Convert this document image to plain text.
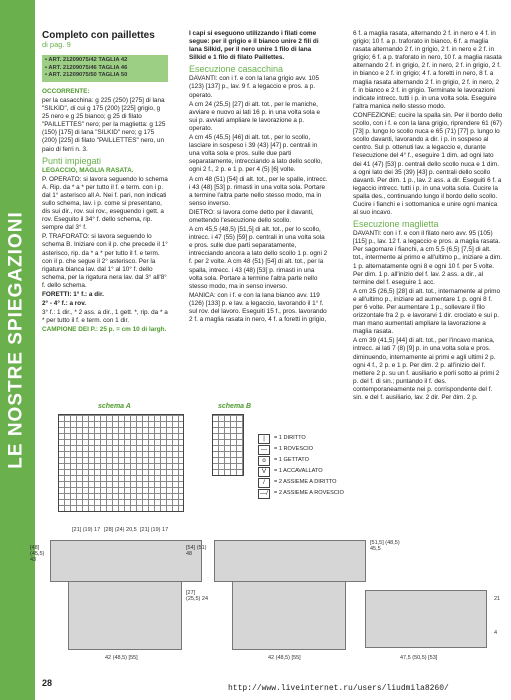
LE NOSTRE SPIEGAZIONI
Completo con paillettes
di pag. 9
• ART. 21209075/42 TAGLIA 42
• ART. 21209075/46 TAGLIA 46
• ART. 21209075/50 TAGLIA 50

OCCORRENTE:

per la casacchina: g 225 (250) [275] di lana "SILKID", di cui g 175 (200) [225] grigio, g 25 nero e g 25 bianco; g 25 di filato "PAILLETTES" nero; per la maglietta: g 125 (150) [175] di lana "SILKID" nero; g 175 (200) [225] di filato "PAILLETTES" nero, un paio di ferri n. 3.

Punti impiegati

LEGACCIO, MAGLIA RASATA.

P. OPERATO: si lavora seguendo lo schema A. Rip. da * a * per tutto il f. e term. con i p. dal 1° asterisco all A. Nei f. pari, non indicati sullo schema, lav. i p. come si presentano, dis sui dir., rov. sui rov., eseguendo i gett. a rov. Eseguito il 34° f. dello schema, rip. sempre dal 3° f.

P. TRAFORATO: si lavora seguendo lo schema B. Iniziare con il p. che precede il 1° asterisco, rip. da * a * per tutto il f. e term. con il p. che segue il 2° asterisco. Per la rigatura bianca lav. dal 1° al 10° f. dello schema, per la rigatura nera lav. dal 3° all'8° f. dello schema.

FORETTI: 1° f.: a dir.

2° - 4° f.: a rov.

3° f.: 1 dir., * 2 ass. a dir., 1 gett. *, rip. da * a * per tutto il f. e term. con 1 dir.

CAMPIONE DEI P.: 25 p. = cm 10 di largh.

I capi si eseguono utilizzando i filati come segue: per il grigio e il bianco unire 2 fili di lana Silkid, per il nero unire 1 filo di lana Silkid e 1 filo di filato Paillettes.

Esecuzione casacchina

DAVANTI: con i f. e con la lana grigio avv. 105 (123) [137] p., lav. 9 f. a legaccio e pros. a p. operato.

A cm 24 (25,5) [27] di alt. tot., per le maniche, avviare e nuovo ai lati 16 p. in una volta sola e sui p. avviati ampliare le lavorazione a p. operato.

A cm 45 (45,5) [46] di alt. tot., per lo scollo, lasciare in sospeso i 39 (43) [47] p. centrali in una volta sola e pros. sulle due parti separatamente, intrecciando a lato dello scollo, ogni 2 f., 2 p. e 1 p. per 4 (5) [6] volte.

A cm 48 (51) [54] di alt. tot., per le spalle, intrecc. i 43 (48) [53] p. rimasti in una volta sola. Portare a termine l'altra parte nello stesso modo, ma in senso inverso.

DIETRO: si lavora come detto per il davanti, omettendo l'esecuzione dello scollo.

A cm 45,5 (48,5) [51,5] di alt. tot., per lo scollo, intrecc. i 47 (55) [59] p. centrali in una volta sola e pros. sulle due parti separatamente, intrecciando ancora a lato dello scollo 1 p. ogni 2 f. per 2 volte. A cm 48 (51) [54] di alt. tot., per la spalla, intrecc. i 43 (48) [53] p. rimasti in una volta sola. Portare a termine l'altra parte nello stesso modo, ma in senso inverso.

MANICA: con i f. e con la lana bianco avv. 119 (126) [133] p. e lav. a legaccio, lavorando il 1° f. sul rov. del lavoro. Eseguiti 15 f., pros. lavorando 2 f. a maglia rasata in nero, 4 f. a foretti in grigio,

6 f. a maglia rasata, alternando 2 f. in nero e 4 f. in grigio; 10 f. a p. traforato in bianco, 6 f. a maglia rasata alternando 2 f. in grigio, 2 f. in nero e 2 f. in grigio; 6 f. a p. traforato in nero, 10 f. a maglia rasata alternando 2 f. in grigio, 2 f. in nero, 2 f. in grigio, 2 f. in bianco e 2 f. in grigio; 4 f. a foretti in nero, 8 f. a maglia rasata alternando 2 f. in grigio, 2 f. in nero, 2 f. in bianco e 2 f. in grigio. Terminate le lavorazioni indicate intrecc. tutti i p. in una volta sola. Eseguire l'altra manica nello stesso modo.

CONFEZIONE: cucire la spalla sin. Per il bordo dello scollo, con i f. e con la lana grigio, riprendere 61 (67) [73] p. lungo lo scollo nuca e 65 (71) [77] p. lungo lo scollo davanti, lavorando a dir. i p. in sospeso al centro. Sul p. ottenuti lav. a legaccio e, durante l'esecuzione del 4° f., eseguire 1 dim. ad ogni lato dei 41 (47) [53] p. centrali dello scollo nuca e 1 dim. a ogni lato dei 35 (39) [43] p. centrali dello scollo davanti. Per dim. 1 p., lav. 2 ass. a dir. Eseguiti 6 f. a legaccio intrecc. tutti i p. in una volta sola. Cucire la spalla des., continuando lungo il bordo dello scollo. Cucire i fianchi e i sottomanica e unire ogni manica al suo incavo.

Esecuzione maglietta

DAVANTI: con i f. e con il filato nero avv. 95 (105) [115] p., lav. 12 f. a legaccio e pros. a maglia rasata. Per sagomare i fianchi, a cm 5,5 (6,5) [7,5] di alt. tot., intermente ai primo e all'ultimo p., iniziare a dim. 1 p. alternatamente ogni 8 e ogni 10 f. per 5 volte. Per dim. 1 p. all'inizio del f. lav. 2 ass. a dir., al termine del f. eseguire 1 acc.

A cm 25 (26,5) [28] di alt. tot., internamente al primo e all'ultimo p., iniziare ad aumentare 1 p. ogni 8 f. per 6 volte. Per aumentare 1 p., sollevare il filo orizzontale fra 2 p. e lavorarvi 1 dir. crociato e sui p. man mano aumentati ampliare la lavorazione a maglia rasata.

A cm 39 (41,5) [44] di alt. tot., per l'incavo manica, intrecc. ai lati 7 (8) [9] p. in una volta sola e pros. diminuendo, internamente ai primi e agli ultimi 2 p. ogni 4 f., 2 p. e 1 p. Per dim. 2 p. all'inizio del f. mettere 2 p. su un f. ausiliario e porli sotto ai primi 2 p. del f. di sin.; puntando il f. des. contemporaneamente nei p. corrispondente del f. sin. e del f. ausiliario, lav. 2 dir. Per dim. 2 p.

schema A	schema B
|	= 1 DIRITTO
—	= 1 ROVESCIO
o	= 1 GETTATO
V	= 1 ACCAVALLATO
/	= 2 ASSIEME A DIRITTO
—/	= 2 ASSIEME A ROVESCIO
[21] (19) 17 [28] (24) 20,5 [21] (19) 17
[48] (45,5) 43
42 (48,5) [55]
[54] (51) 48
[27] (25,5) 24
42 (48,5) [55]
[51,5] (48,5) 45,5
21
4
47,5 (50,5) [53]
28
http://www.liveinternet.ru/users/liudmila8260/
